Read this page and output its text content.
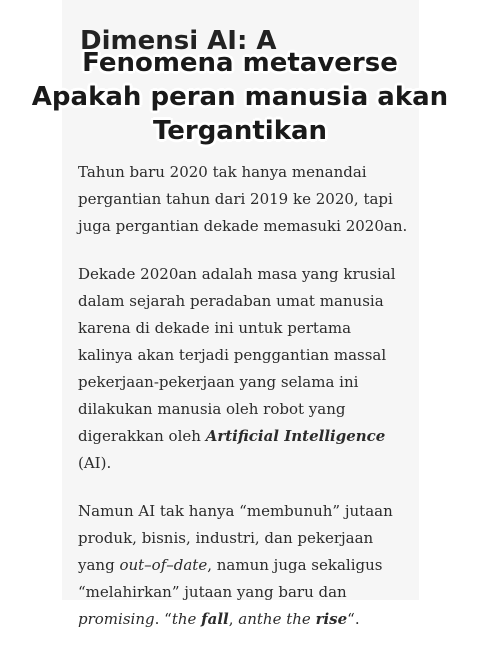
Fenomena metaverse
Apakah peran manusia akan
Tergantikan

Tahun baru 2020 tak hanya menandai pergantian tahun dari 2019 ke 2020, tapi juga pergantian dekade memasuki 2020an.

Dekade 2020an adalah masa yang krusial dalam sejarah peradaban umat manusia karena di dekade ini untuk pertama kalinya akan terjadi penggantian massal pekerjaan-pekerjaan yang selama ini dilakukan manusia oleh robot yang digerakkan oleh Artificial Intelligence (AI).

Namun AI tak hanya “membunuh” jutaan produk, bisnis, industri, dan pekerjaan yang out–of–date, namun juga sekaligus “melahirkan” jutaan yang baru dan promising. “the fall, anthe the rise“.
